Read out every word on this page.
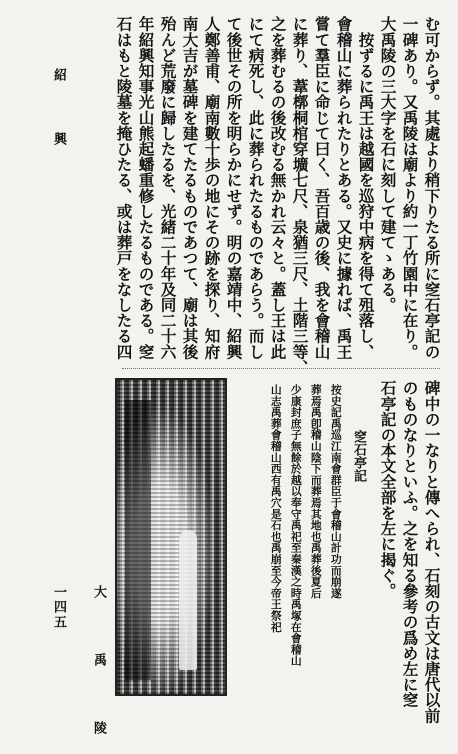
む可からず。其處より稍下りたる所に窆石亭記の
一碑あり。又禹陵は廟より約一丁竹園中に在り。
大禹陵の三大字を石に刻して建てゝある。
　按ずるに禹王は越國を巡狩中病を得て殂落し、
會稽山に葬られたりとある。又史に據れば、禹王
嘗て羣臣に命じて曰く、吾百歳の後、我を會稽山
に葬り、葦槨桐棺穿壙七尺、泉猶三尺、土階三等、
之を葬むるの後改むる無かれ云々と。蓋し王は此
にて病死し、此に葬られたるものであらう。而し
て後世その所を明らかにせず。明の嘉靖中、紹興
人鄭善甫、廟南數十歩の地にその跡を探り、知府
南大吉が墓碑を建てたるものであつて、廟は其後
殆んど荒廢に歸したるを、光緒二十年及同二十六
年紹興知事光山熊起蟠重修したるものである。窆
石はもと陵墓を掩ひたる、或は葬戸をなしたる四
紹 興
碑中の一なりと傳へられ、石刻の古文は唐代以前
のものなりといふ。之を知る參考の爲め左に窆
石亭記の本文全部を左に揭ぐ。
窆石亭記
按史記禹巡江南會群臣于會稽山計功而崩遂
葬焉禹卽稽山陰下而葬焉其地也禹葬後夏后
少康封庶子無餘於越以奉守禹祀至秦漢之時禹塚在會稽山
山志禹葬會稽山西有禹穴是石也禹崩至今帝王祭祀
大 禹 陵
一四五
